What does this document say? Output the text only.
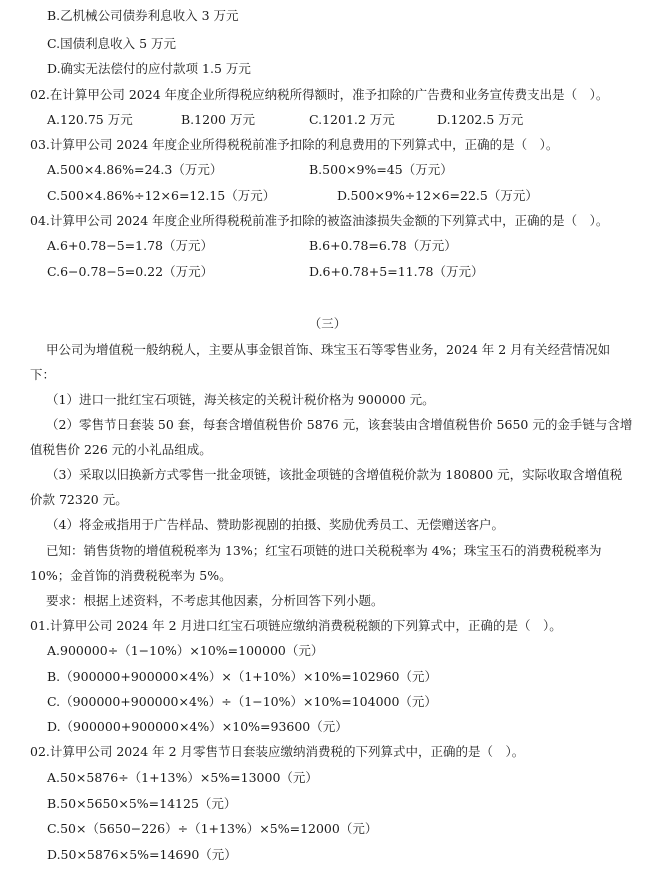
B.乙机械公司债券利息收入 3 万元
C.国债利息收入 5 万元
D.确实无法偿付的应付款项 1.5 万元
02.在计算甲公司 2024 年度企业所得税应纳税所得额时，准予扣除的广告费和业务宣传费支出是（　）。
A.120.75 万元	B.1200 万元	C.1201.2 万元	D.1202.5 万元
03.计算甲公司 2024 年度企业所得税税前准予扣除的利息费用的下列算式中，正确的是（　）。
A.500×4.86%=24.3（万元）	B.500×9%=45（万元）
C.500×4.86%÷12×6=12.15（万元）	D.500×9%÷12×6=22.5（万元）
04.计算甲公司 2024 年度企业所得税税前准予扣除的被盗油漆损失金额的下列算式中，正确的是（　）。
A.6+0.78−5=1.78（万元）	B.6+0.78=6.78（万元）
C.6−0.78−5=0.22（万元）	D.6+0.78+5=11.78（万元）
（三）
甲公司为增值税一般纳税人，主要从事金银首饰、珠宝玉石等零售业务，2024 年 2 月有关经营情况如
下：
（1）进口一批红宝石项链，海关核定的关税计税价格为 900000 元。
（2）零售节日套装 50 套，每套含增值税售价 5876 元，该套装由含增值税售价 5650 元的金手链与含增
值税售价 226 元的小礼品组成。
（3）采取以旧换新方式零售一批金项链，该批金项链的含增值税价款为 180800 元，实际收取含增值税
价款 72320 元。
（4）将金戒指用于广告样品、赞助影视剧的拍摄、奖励优秀员工、无偿赠送客户。
已知：销售货物的增值税税率为 13%；红宝石项链的进口关税税率为 4%；珠宝玉石的消费税税率为
10%；金首饰的消费税税率为 5%。
要求：根据上述资料，不考虑其他因素，分析回答下列小题。
01.计算甲公司 2024 年 2 月进口红宝石项链应缴纳消费税税额的下列算式中，正确的是（　）。
A.900000÷（1−10%）×10%=100000（元）
B.（900000+900000×4%）×（1+10%）×10%=102960（元）
C.（900000+900000×4%）÷（1−10%）×10%=104000（元）
D.（900000+900000×4%）×10%=93600（元）
02.计算甲公司 2024 年 2 月零售节日套装应缴纳消费税的下列算式中，正确的是（　）。
A.50×5876÷（1+13%）×5%=13000（元）
B.50×5650×5%=14125（元）
C.50×（5650−226）÷（1+13%）×5%=12000（元）
D.50×5876×5%=14690（元）
